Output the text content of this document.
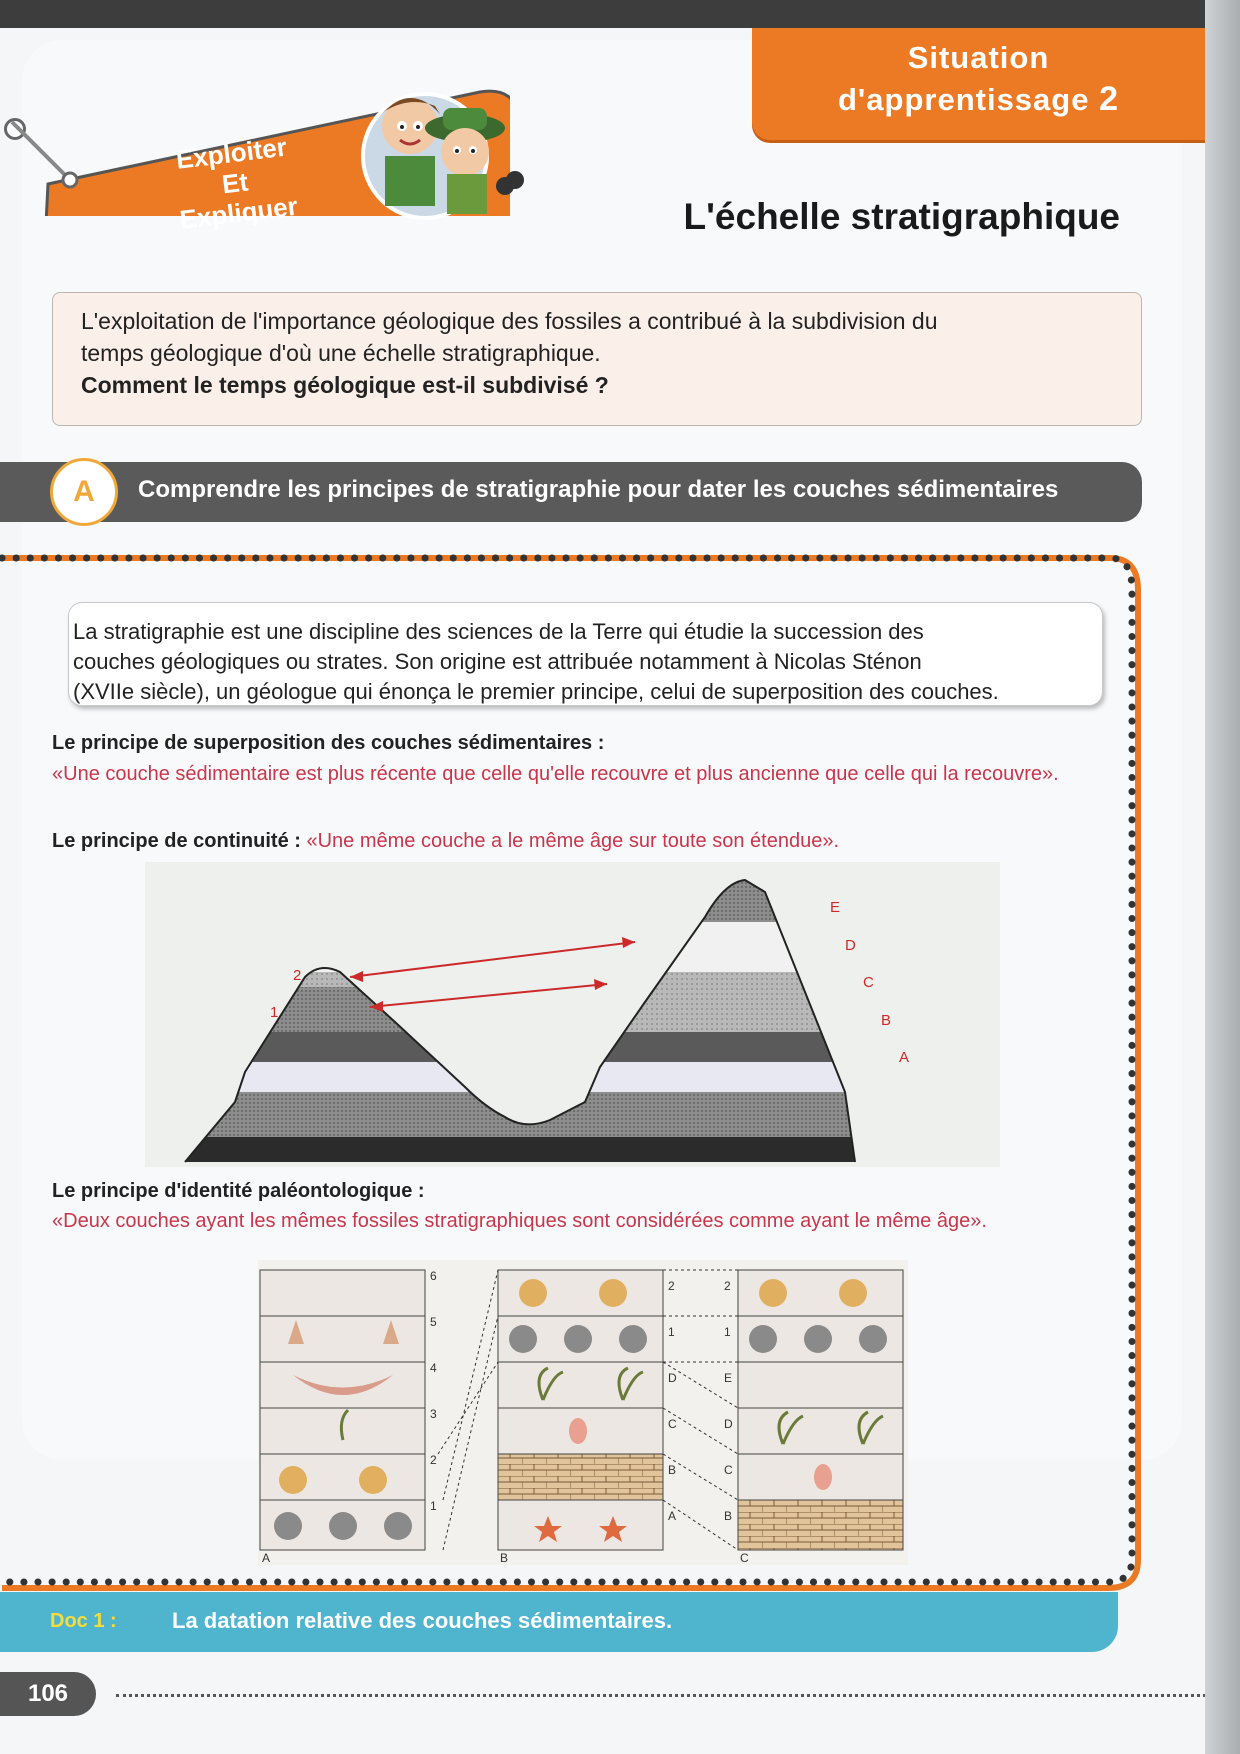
Situation
d'apprentissage 2
Exploiter
Et
Expliquer	L'échelle stratigraphique
L'exploitation de l'importance géologique des fossiles a contribué à la subdivision du
temps géologique d'où une échelle stratigraphique.
Comment le temps géologique est-il subdivisé ?
A	Comprendre les principes de stratigraphie pour dater les couches sédimentaires
La stratigraphie est une discipline des sciences de la Terre qui étudie la succession des
couches géologiques ou strates. Son origine est attribuée notamment à Nicolas Sténon
(XVIIe siècle), un géologue qui énonça le premier principe, celui de superposition des couches.
Le principe de superposition des couches sédimentaires :
«Une couche sédimentaire est plus récente que celle qu'elle recouvre et plus ancienne que celle qui la recouvre».
Le principe de continuité : «Une même couche a le même âge sur toute son étendue».
2
1
E
D
C
B
A
Le principe d'identité paléontologique :
«Deux couches ayant les mêmes fossiles stratigraphiques sont considérées comme ayant le même âge».
6
5
4
3
2
1
A
2
1
D
C
B
A
B
2
1
E
D
C
B
C
Doc 1 :	La datation relative des couches sédimentaires.
106
